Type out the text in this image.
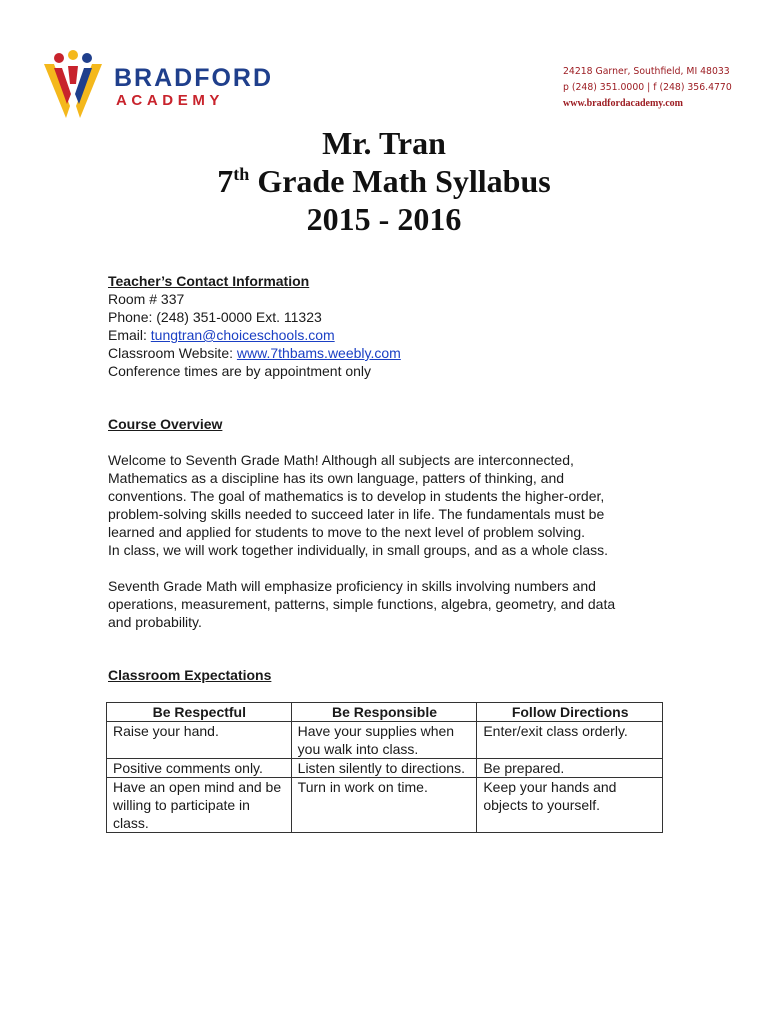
BRADFORD
ACADEMY
24218 Garner, Southfield, MI 48033
p (248) 351.0000 | f (248) 356.4770
www.bradfordacademy.com
Mr. Tran
7th Grade Math Syllabus
2015 - 2016
Teacher’s Contact Information
Room # 337
Phone: (248) 351-0000 Ext. 11323
Email: tungtran@choiceschools.com
Classroom Website: www.7thbams.weebly.com
Conference times are by appointment only
Course Overview
Welcome to Seventh Grade Math! Although all subjects are interconnected,
Mathematics as a discipline has its own language, patters of thinking, and
conventions. The goal of mathematics is to develop in students the higher-order,
problem-solving skills needed to succeed later in life. The fundamentals must be
learned and applied for students to move to the next level of problem solving.
In class, we will work together individually, in small groups, and as a whole class.
Seventh Grade Math will emphasize proficiency in skills involving numbers and
operations, measurement, patterns, simple functions, algebra, geometry, and data
and probability.
Classroom Expectations
Be Respectful	Be Responsible	Follow Directions
Raise your hand.	Have your supplies when you walk into class.	Enter/exit class orderly.
Positive comments only.	Listen silently to directions.	Be prepared.
Have an open mind and be willing to participate in class.	Turn in work on time.	Keep your hands and objects to yourself.
